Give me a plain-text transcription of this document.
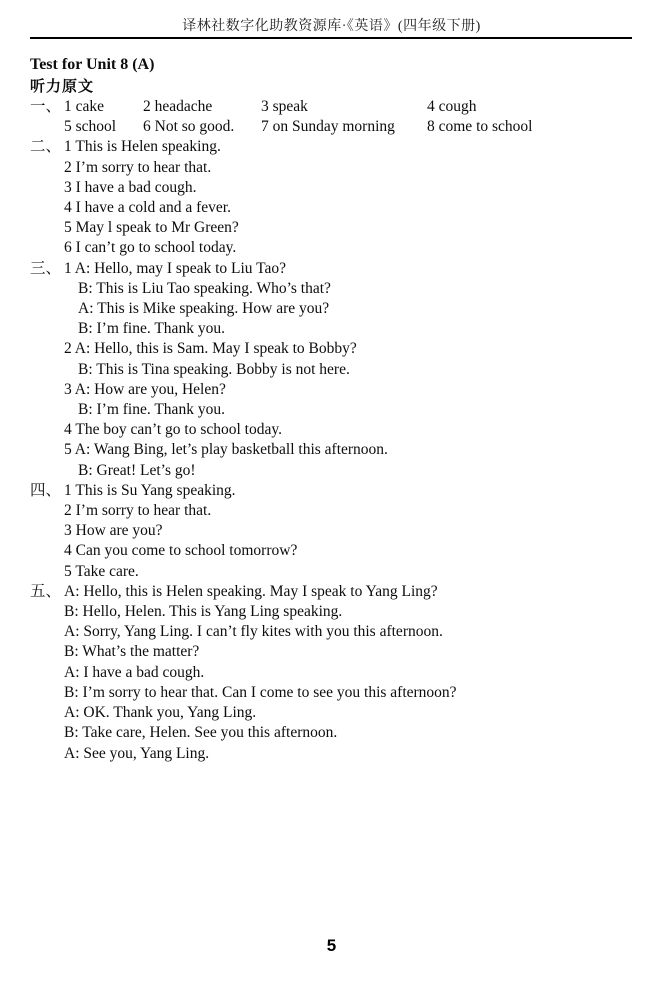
译林社数字化助教资源库·《英语》(四年级下册)
Test for Unit 8 (A)
听力原文
一、 1 cake	2 headache	3 speak	4 cough
5 school	6 Not so good.	7 on Sunday morning	8 come to school
二、 1 This is Helen speaking.
2 I’m sorry to hear that.
3 I have a bad cough.
4 I have a cold and a fever.
5 May l speak to Mr Green?
6 I can’t go to school today.
三、 1 A: Hello, may I speak to Liu Tao?
B: This is Liu Tao speaking. Who’s that?
A: This is Mike speaking. How are you?
B: I’m fine. Thank you.
2 A: Hello, this is Sam. May I speak to Bobby?
B: This is Tina speaking. Bobby is not here.
3 A: How are you, Helen?
B: I’m fine. Thank you.
4 The boy can’t go to school today.
5 A: Wang Bing, let’s play basketball this afternoon.
B: Great! Let’s go!
四、 1 This is Su Yang speaking.
2 I’m sorry to hear that.
3 How are you?
4 Can you come to school tomorrow?
5 Take care.
五、 A: Hello, this is Helen speaking. May I speak to Yang Ling?
B: Hello, Helen. This is Yang Ling speaking.
A: Sorry, Yang Ling. I can’t fly kites with you this afternoon.
B: What’s the matter?
A: I have a bad cough.
B: I’m sorry to hear that. Can I come to see you this afternoon?
A: OK. Thank you, Yang Ling.
B: Take care, Helen. See you this afternoon.
A: See you, Yang Ling.
5
